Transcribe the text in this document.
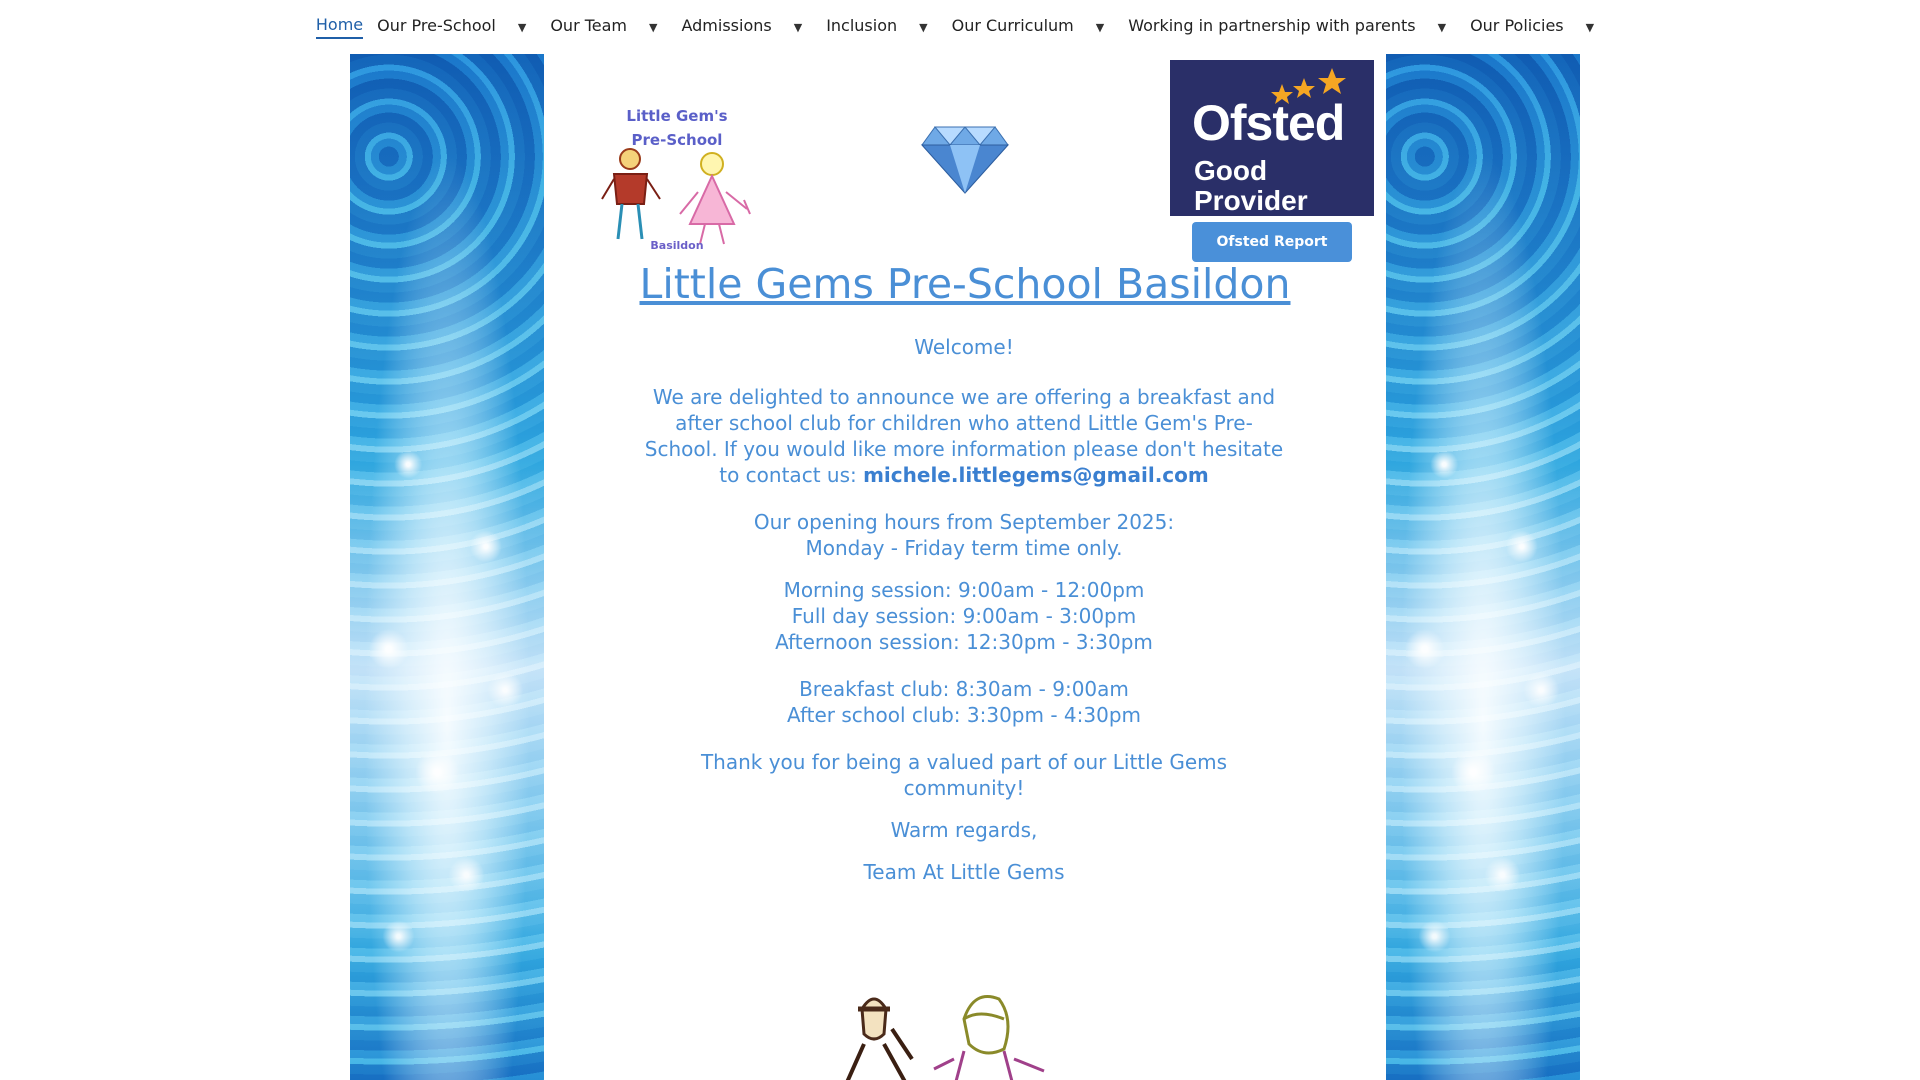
Home Our Pre-School ▼ Our Team ▼ Admissions ▼ Inclusion ▼ Our Curriculum ▼ Working in partnership with parents ▼ Our Policies ▼
Little Gem's Pre-School
Basildon
Ofsted
Good
Provider
Ofsted Report
Little Gems Pre-School Basildon

Welcome!

We are delighted to announce we are offering a breakfast and

after school club for children who attend Little Gem's Pre-

School. If you would like more information please don't hesitate

to contact us: michele.littlegems@gmail.com

Our opening hours from September 2025:

Monday - Friday term time only.

Morning session: 9:00am - 12:00pm

Full day session: 9:00am - 3:00pm

Afternoon session: 12:30pm - 3:30pm

Breakfast club: 8:30am - 9:00am

After school club: 3:30pm - 4:30pm

Thank you for being a valued part of our Little Gems community!

Warm regards,

Team At Little Gems
